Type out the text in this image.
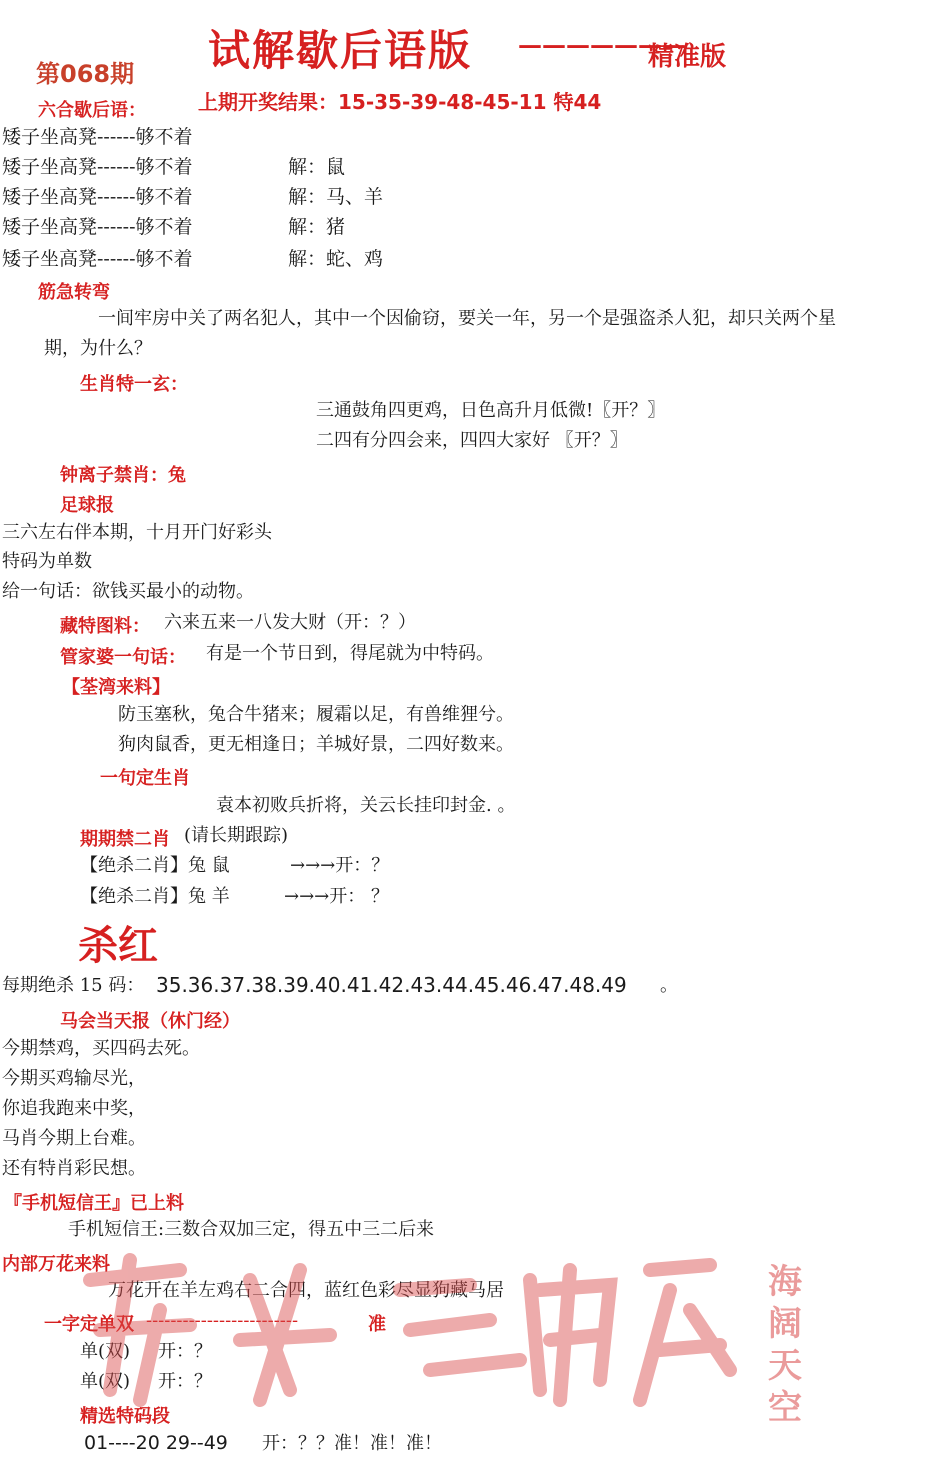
第068期 试解歇后语版 ———————
精准版
上期开奖结果：15-35-39-48-45-11 特44
六合歇后语：
矮子坐高凳------够不着
矮子坐高凳------够不着	解：鼠
矮子坐高凳------够不着	解：马、羊
矮子坐高凳------够不着	解：猪
矮子坐高凳------够不着	解：蛇、鸡
筋急转弯
一间牢房中关了两名犯人，其中一个因偷窃，要关一年，另一个是强盗杀人犯，却只关两个星
期，为什么？
生肖特一玄：
三通鼓角四更鸡，日色高升月低微!〖开？〗
二四有分四会来，四四大家好 〖开？〗
钟离子禁肖：兔
足球报
三六左右伴本期，十月开门好彩头
特码为单数
给一句话：欲钱买最小的动物。
藏特图料： 六来五来一八发大财（开：？）
管家婆一句话： 有是一个节日到，得尾就为中特码。
【荃湾来料】
防玉塞秋，兔合牛猪来；履霜以足，有兽维狸兮。
狗肉鼠香，更无相逢日；羊城好景，二四好数来。
一句定生肖
袁本初败兵折将，关云长挂印封金. 。
期期禁二肖 (请长期跟踪)
【绝杀二肖】兔 鼠	→→→开：？
【绝杀二肖】兔 羊	→→→开： ？
杀红
每期绝杀 15 码： 35.36.37.38.39.40.41.42.43.44.45.46.47.48.49 。
马会当天报（休门经）
今期禁鸡，买四码去死。
今期买鸡输尽光，
你追我跑来中奖，
马肖今期上台难。
还有特肖彩民想。
『手机短信王』已上料
手机短信王:三数合双加三定，得五中三二后来
内部万花来料
万花开在羊左鸡右二合四，蓝红色彩尽显狗藏马居
一字定单双 -------------------------	准
单(双) 开：？
单(双) 开：？
精选特码段
01----20 29--49 开：？？准！准！准！
海
阔
天
空
